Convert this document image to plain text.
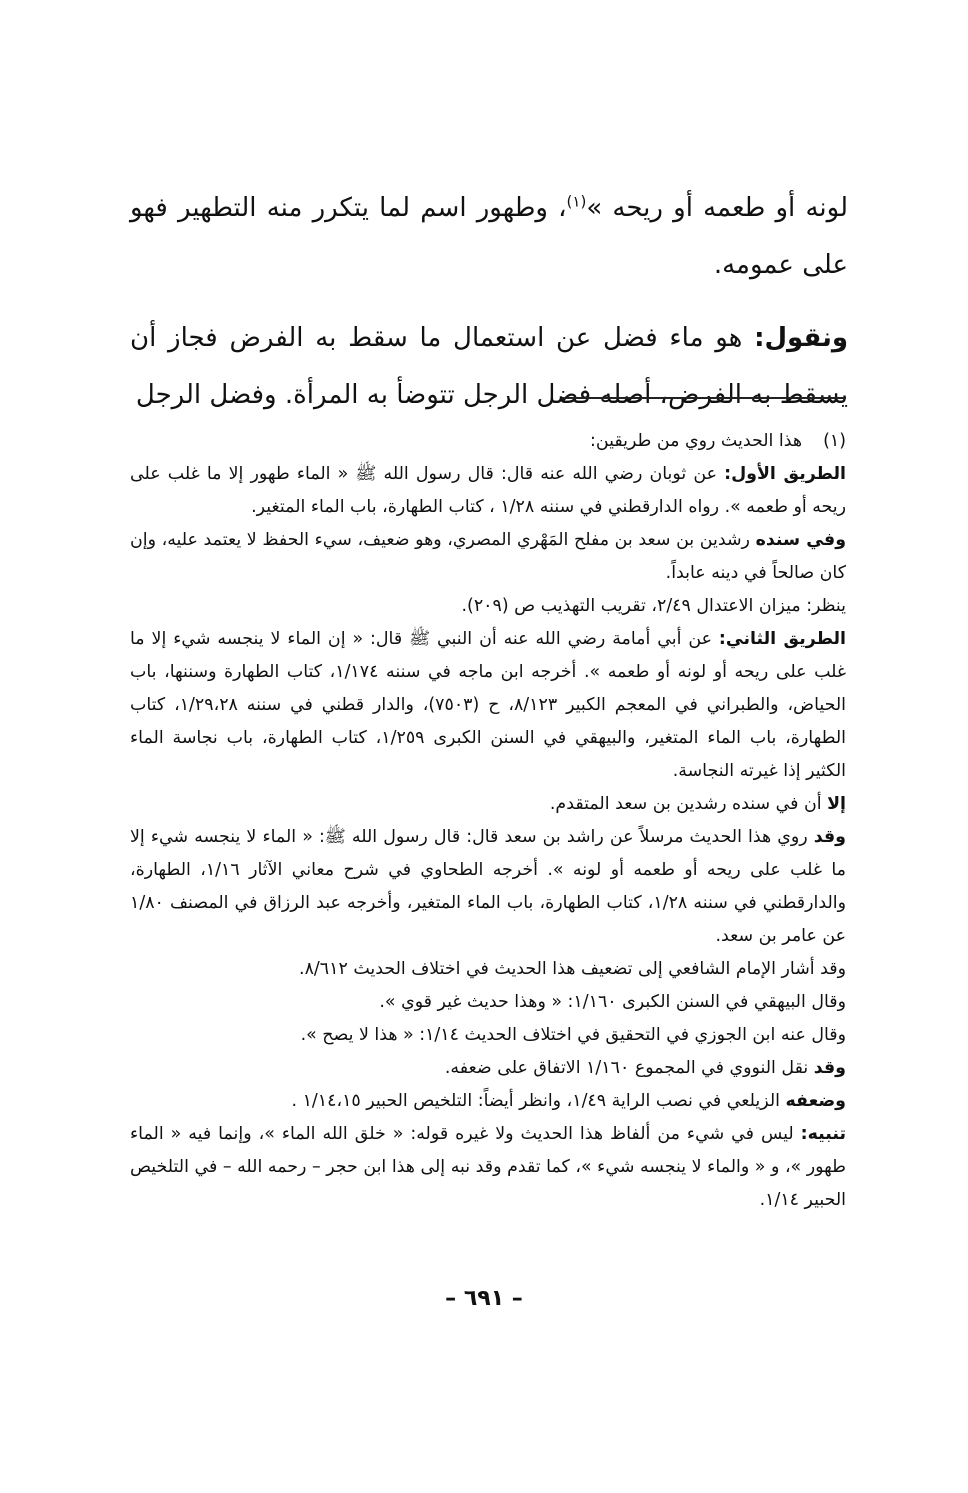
لونه أو طعمه أو ريحه »$^{(١)}$، وطهور اسم لما يتكرر منه التطهير فهو على عمومه.

ونقول: هو ماء فضل عن استعمال ما سقط به الفرض فجاز أن يسقط به الفرض، أصله فضل الرجل تتوضأ به المرأة. وفضل الرجل

(١)
هذا الحديث روي من طريقين:

الطريق الأول: عن ثوبان رضي الله عنه قال: قال رسول الله ﷺ « الماء طهور إلا ما غلب على ريحه أو طعمه ». رواه الدارقطني في سننه ١/٢٨ ، كتاب الطهارة، باب الماء المتغير.

وفي سنده رشدين بن سعد بن مفلح المَهْري المصري، وهو ضعيف، سيء الحفظ لا يعتمد عليه، وإن كان صالحاً في دينه عابداً.

ينظر: ميزان الاعتدال ٢/٤٩، تقريب التهذيب ص (٢٠٩).

الطريق الثاني: عن أبي أمامة رضي الله عنه أن النبي ﷺ قال: « إن الماء لا ينجسه شيء إلا ما غلب على ريحه أو لونه أو طعمه ». أخرجه ابن ماجه في سننه ١/١٧٤، كتاب الطهارة وسننها، باب الحياض، والطبراني في المعجم الكبير ٨/١٢٣، ح (٧٥٠٣)، والدار قطني في سننه ١/٢٩،٢٨، كتاب الطهارة، باب الماء المتغير، والبيهقي في السنن الكبرى ١/٢٥٩، كتاب الطهارة، باب نجاسة الماء الكثير إذا غيرته النجاسة.

إلا أن في سنده رشدين بن سعد المتقدم.

وقد روي هذا الحديث مرسلاً عن راشد بن سعد قال: قال رسول الله ﷺ: « الماء لا ينجسه شيء إلا ما غلب على ريحه أو طعمه أو لونه ». أخرجه الطحاوي في شرح معاني الآثار ١/١٦، الطهارة، والدارقطني في سننه ١/٢٨، كتاب الطهارة، باب الماء المتغير، وأخرجه عبد الرزاق في المصنف ١/٨٠ عن عامر بن سعد.

وقد أشار الإمام الشافعي إلى تضعيف هذا الحديث في اختلاف الحديث ٨/٦١٢.

وقال البيهقي في السنن الكبرى ١/١٦٠: « وهذا حديث غير قوي ».

وقال عنه ابن الجوزي في التحقيق في اختلاف الحديث ١/١٤: « هذا لا يصح ».

وقد نقل النووي في المجموع ١/١٦٠ الاتفاق على ضعفه.

وضعفه الزيلعي في نصب الراية ١/٤٩، وانظر أيضاً: التلخيص الحبير ١/١٤،١٥ .

تنبيه: ليس في شيء من ألفاظ هذا الحديث ولا غيره قوله: « خلق الله الماء »، وإنما فيه « الماء طهور »، و « والماء لا ينجسه شيء »، كما تقدم وقد نبه إلى هذا ابن حجر – رحمه الله – في التلخيص الحبير ١/١٤.

– ٦٩١ –
